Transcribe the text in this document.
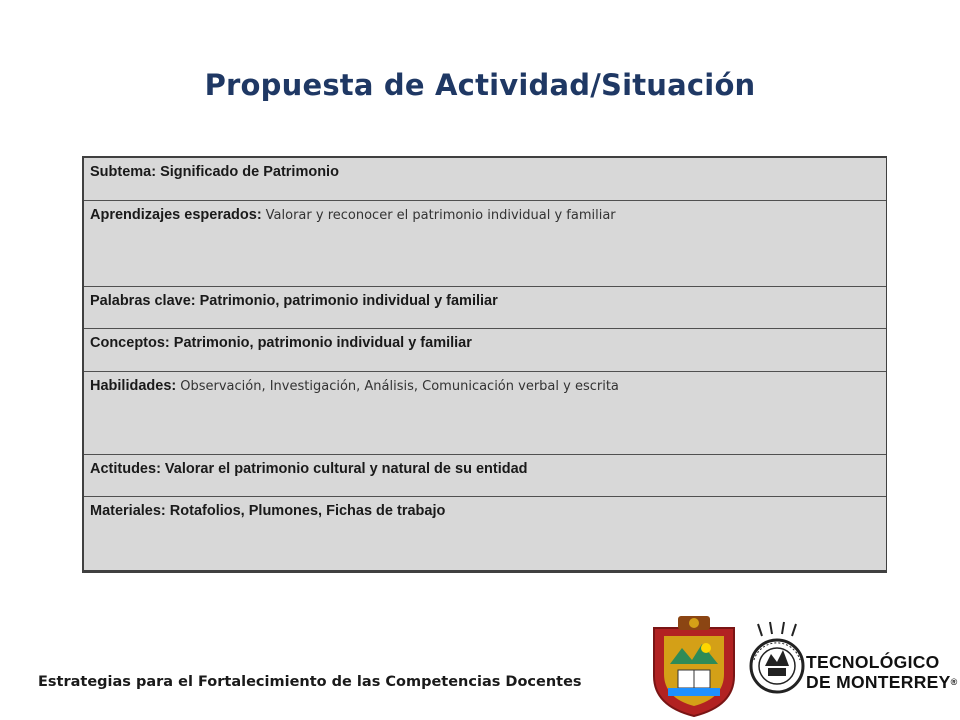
Propuesta de Actividad/Situación
Subtema: Significado de Patrimonio
Aprendizajes esperados: Valorar y reconocer el patrimonio individual y familiar
Palabras clave: Patrimonio, patrimonio individual y familiar
Conceptos: Patrimonio, patrimonio individual y familiar
Habilidades: Observación, Investigación, Análisis, Comunicación verbal y escrita
Actitudes: Valorar el patrimonio cultural y natural de su entidad
Materiales: Rotafolios, Plumones, Fichas de trabajo
Estrategias para el Fortalecimiento de las Competencias Docentes
TECNOLÓGICO
DE MONTERREY®
